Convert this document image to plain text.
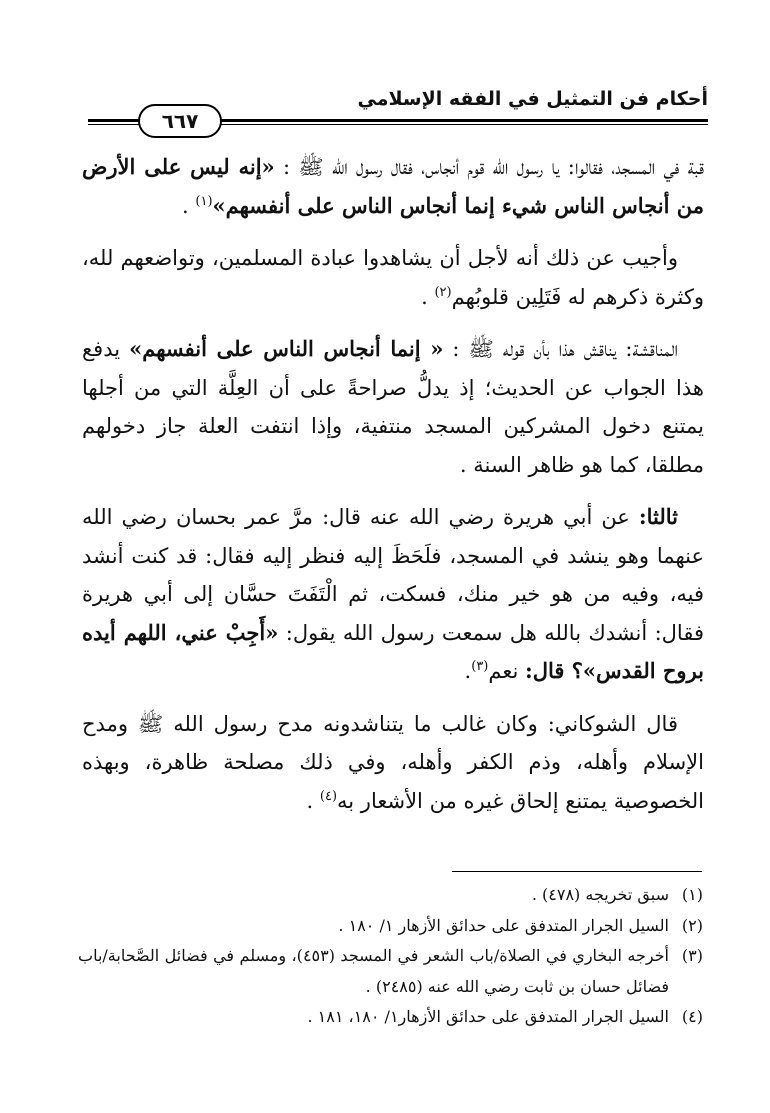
أحكام فن التمثيل في الفقه الإسلامي
٦٦٧

قبة في المسجد، فقالوا: يا رسول الله قوم أنجاس، فقال رسول الله ﷺ : «إنه ليس على الأرض من أنجاس الناس شيء إنما أنجاس الناس على أنفسهم»$^{(١)}$ .

وأجيب عن ذلك أنه لأجل أن يشاهدوا عبادة المسلمين، وتواضعهم لله، وكثرة ذكرهم له فَتَلِين قلوبُهم$^{(٢)}$ .

المناقشة: يناقش هذا بأن قوله ﷺ : « إنما أنجاس الناس على أنفسهم» يدفع هذا الجواب عن الحديث؛ إذ يدلُّ صراحةً على أن العِلَّة التي من أجلها يمتنع دخول المشركين المسجد منتفية، وإذا انتفت العلة جاز دخولهم مطلقا، كما هو ظاهر السنة .

ثالثا: عن أبي هريرة رضي الله عنه قال: مرَّ عمر بحسان رضي الله عنهما وهو ينشد في المسجد، فلَحَظَ إليه فنظر إليه فقال: قد كنت أنشد فيه، وفيه من هو خير منك، فسكت، ثم الْتَفَتَ حسَّان إلى أبي هريرة فقال: أنشدك بالله هل سمعت رسول الله يقول: «أَجِبْ عني، اللهم أيده بروح القدس»؟ قال: نعم$^{(٣)}$.

قال الشوكاني: وكان غالب ما يتناشدونه مدح رسول الله ﷺ ومدح الإسلام وأهله، وذم الكفر وأهله، وفي ذلك مصلحة ظاهرة، وبهذه الخصوصية يمتنع إلحاق غيره من الأشعار به$^{(٤)}$ .

(١)
سبق تخريجه (٤٧٨) .
(٢)
السيل الجرار المتدفق على حدائق الأزهار ١/ ١٨٠ .
(٣)
أخرجه البخاري في الصلاة/باب الشعر في المسجد (٤٥٣)، ومسلم في فضائل الصَّحابة/باب فضائل حسان بن ثابت رضي الله عنه (٢٤٨٥) .
(٤)
السيل الجرار المتدفق على حدائق الأزهار١/ ١٨٠، ١٨١ .
